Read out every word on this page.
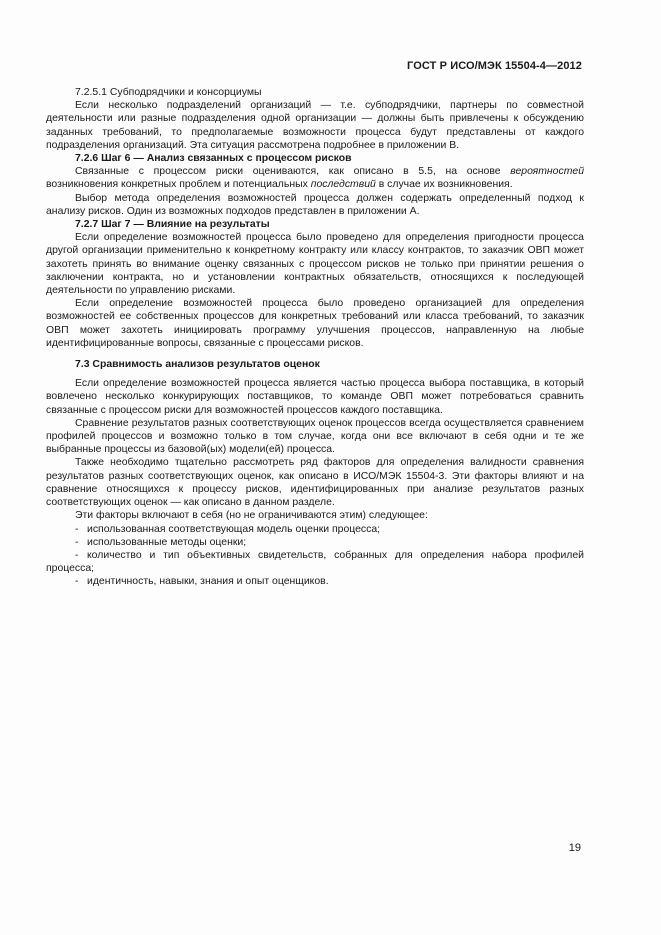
ГОСТ Р ИСО/МЭК 15504-4—2012

7.2.5.1 Субподрядчики и консорциумы

Если несколько подразделений организаций — т.е. субподрядчики, партнеры по совместной деятельности или разные подразделения одной организации — должны быть привлечены к обсуждению заданных требований, то предполагаемые возможности процесса будут представлены от каждого подразделения организаций. Эта ситуация рассмотрена подробнее в приложении В.

7.2.6 Шаг 6 — Анализ связанных с процессом рисков

Связанные с процессом риски оцениваются, как описано в 5.5, на основе вероятностей возникновения конкретных проблем и потенциальных последствий в случае их возникновения.

Выбор метода определения возможностей процесса должен содержать определенный подход к анализу рисков. Один из возможных подходов представлен в приложении А.

7.2.7 Шаг 7 — Влияние на результаты

Если определение возможностей процесса было проведено для определения пригодности процесса другой организации применительно к конкретному контракту или классу контрактов, то заказчик ОВП может захотеть принять во внимание оценку связанных с процессом рисков не только при принятии решения о заключении контракта, но и установлении контрактных обязательств, относящихся к последующей деятельности по управлению рисками.

Если определение возможностей процесса было проведено организацией для определения возможностей ее собственных процессов для конкретных требований или класса требований, то заказчик ОВП может захотеть инициировать программу улучшения процессов, направленную на любые идентифицированные вопросы, связанные с процессами рисков.

7.3 Сравнимость анализов результатов оценок

Если определение возможностей процесса является частью процесса выбора поставщика, в который вовлечено несколько конкурирующих поставщиков, то команде ОВП может потребоваться сравнить связанные с процессом риски для возможностей процессов каждого поставщика.

Сравнение результатов разных соответствующих оценок процессов всегда осуществляется сравнением профилей процессов и возможно только в том случае, когда они все включают в себя одни и те же выбранные процессы из базовой(ых) модели(ей) процесса.

Также необходимо тщательно рассмотреть ряд факторов для определения валидности сравнения результатов разных соответствующих оценок, как описано в ИСО/МЭК 15504-3. Эти факторы влияют и на сравнение относящихся к процессу рисков, идентифицированных при анализе результатов разных соответствующих оценок — как описано в данном разделе.

Эти факторы включают в себя (но не ограничиваются этим) следующее:

- использованная соответствующая модель оценки процесса;

- использованные методы оценки;

- количество и тип объективных свидетельств, собранных для определения набора профилей процесса;

- идентичность, навыки, знания и опыт оценщиков.

19
